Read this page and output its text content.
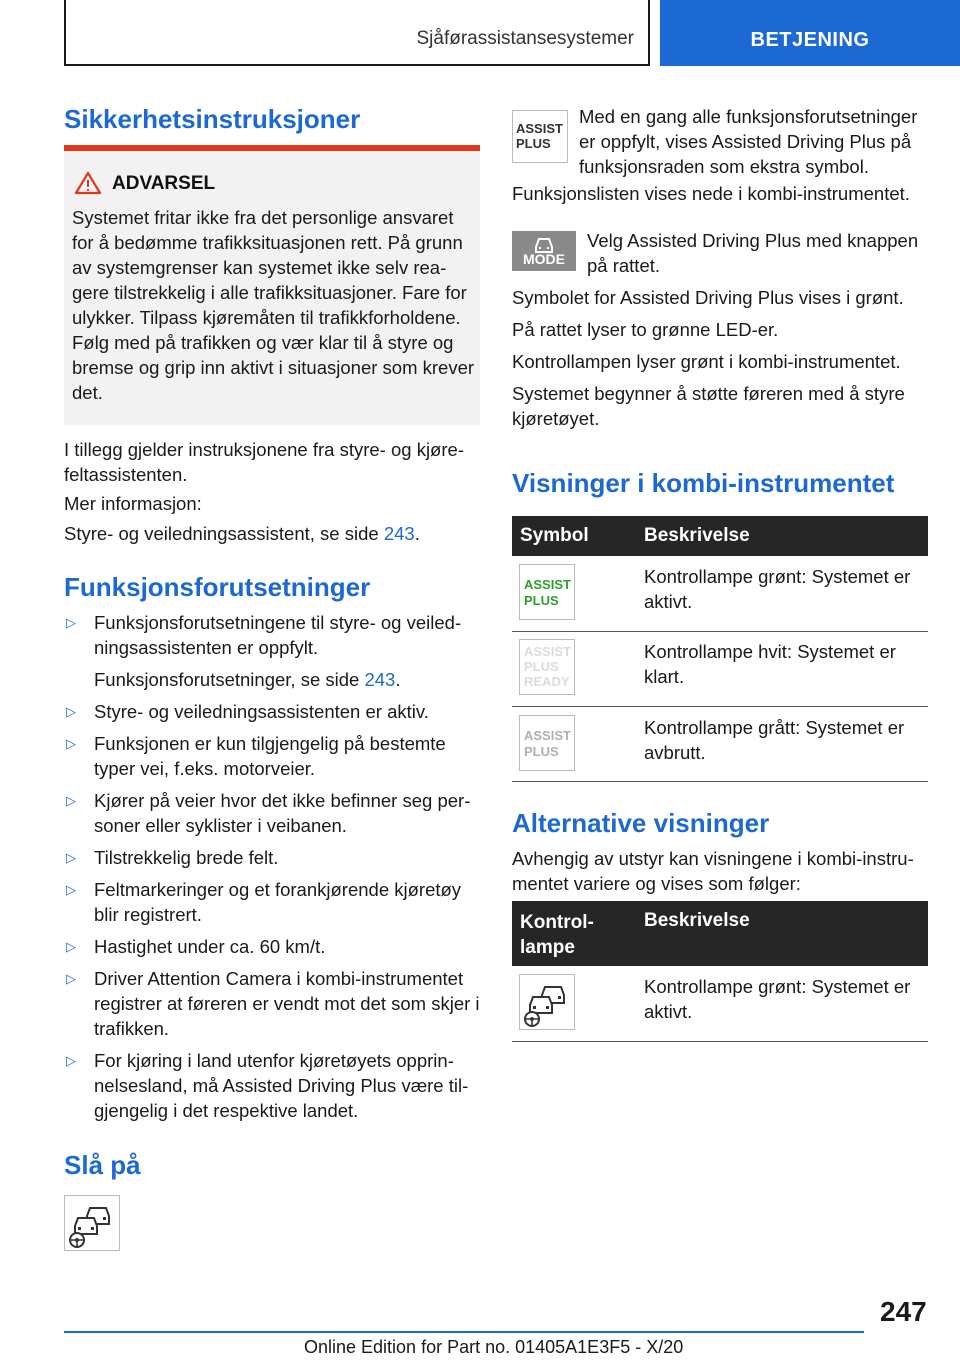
Sjåførassistansesystemer	BETJENING
Sikkerhetsinstruksjoner
ADVARSEL
Systemet fritar ikke fra det personlige ansvaret for å bedømme trafikksituasjonen rett. På grunn av systemgrenser kan systemet ikke selv reagere tilstrekkelig i alle trafikksituasjoner. Fare for ulykker. Tilpass kjøremåten til trafikkforholdene. Følg med på trafikken og vær klar til å styre og bremse og grip inn aktivt i situasjoner som krever det.
I tillegg gjelder instruksjonene fra styre- og kjørefeltassistenten.
Mer informasjon:
Styre- og veiledningsassistent, se side 243.
Funksjonsforutsetninger
▷ Funksjonsforutsetningene til styre- og veiledningsassistenten er oppfylt.
Funksjonsforutsetninger, se side 243.
▷ Styre- og veiledningsassistenten er aktiv.
▷ Funksjonen er kun tilgjengelig på bestemte typer vei, f.eks. motorveier.
▷ Kjører på veier hvor det ikke befinner seg personer eller syklister i veibanen.
▷ Tilstrekkelig brede felt.
▷ Feltmarkeringer og et forankjørende kjøretøy blir registrert.
▷ Hastighet under ca. 60 km/t.
▷ Driver Attention Camera i kombi-instrumentet registrer at føreren er vendt mot det som skjer i trafikken.
▷ For kjøring i land utenfor kjøretøyets opprinnelsesland, må Assisted Driving Plus være tilgjengelig i det respektive landet.
Slå på
ASSIST
PLUS
Med en gang alle funksjonsforutsetninger er oppfylt, vises Assisted Driving Plus på funksjonsraden som ekstra symbol.
Funksjonslisten vises nede i kombi-instrumentet.
MODE
Velg Assisted Driving Plus med knappen på rattet.
Symbolet for Assisted Driving Plus vises i grønt.
På rattet lyser to grønne LED-er.
Kontrollampen lyser grønt i kombi-instrumentet.
Systemet begynner å støtte føreren med å styre kjøretøyet.
Visninger i kombi-instrumentet
Symbol	Beskrivelse
ASSIST
PLUS
Kontrollampe grønt: Systemet er aktivt.
ASSIST
PLUS
READY
Kontrollampe hvit: Systemet er klart.
ASSIST
PLUS
Kontrollampe grått: Systemet er avbrutt.
Alternative visninger
Avhengig av utstyr kan visningene i kombi-instrumentet variere og vises som følger:
Kontrollampe
Beskrivelse
Kontrollampe grønt: Systemet er aktivt.
247
Online Edition for Part no. 01405A1E3F5 - X/20
